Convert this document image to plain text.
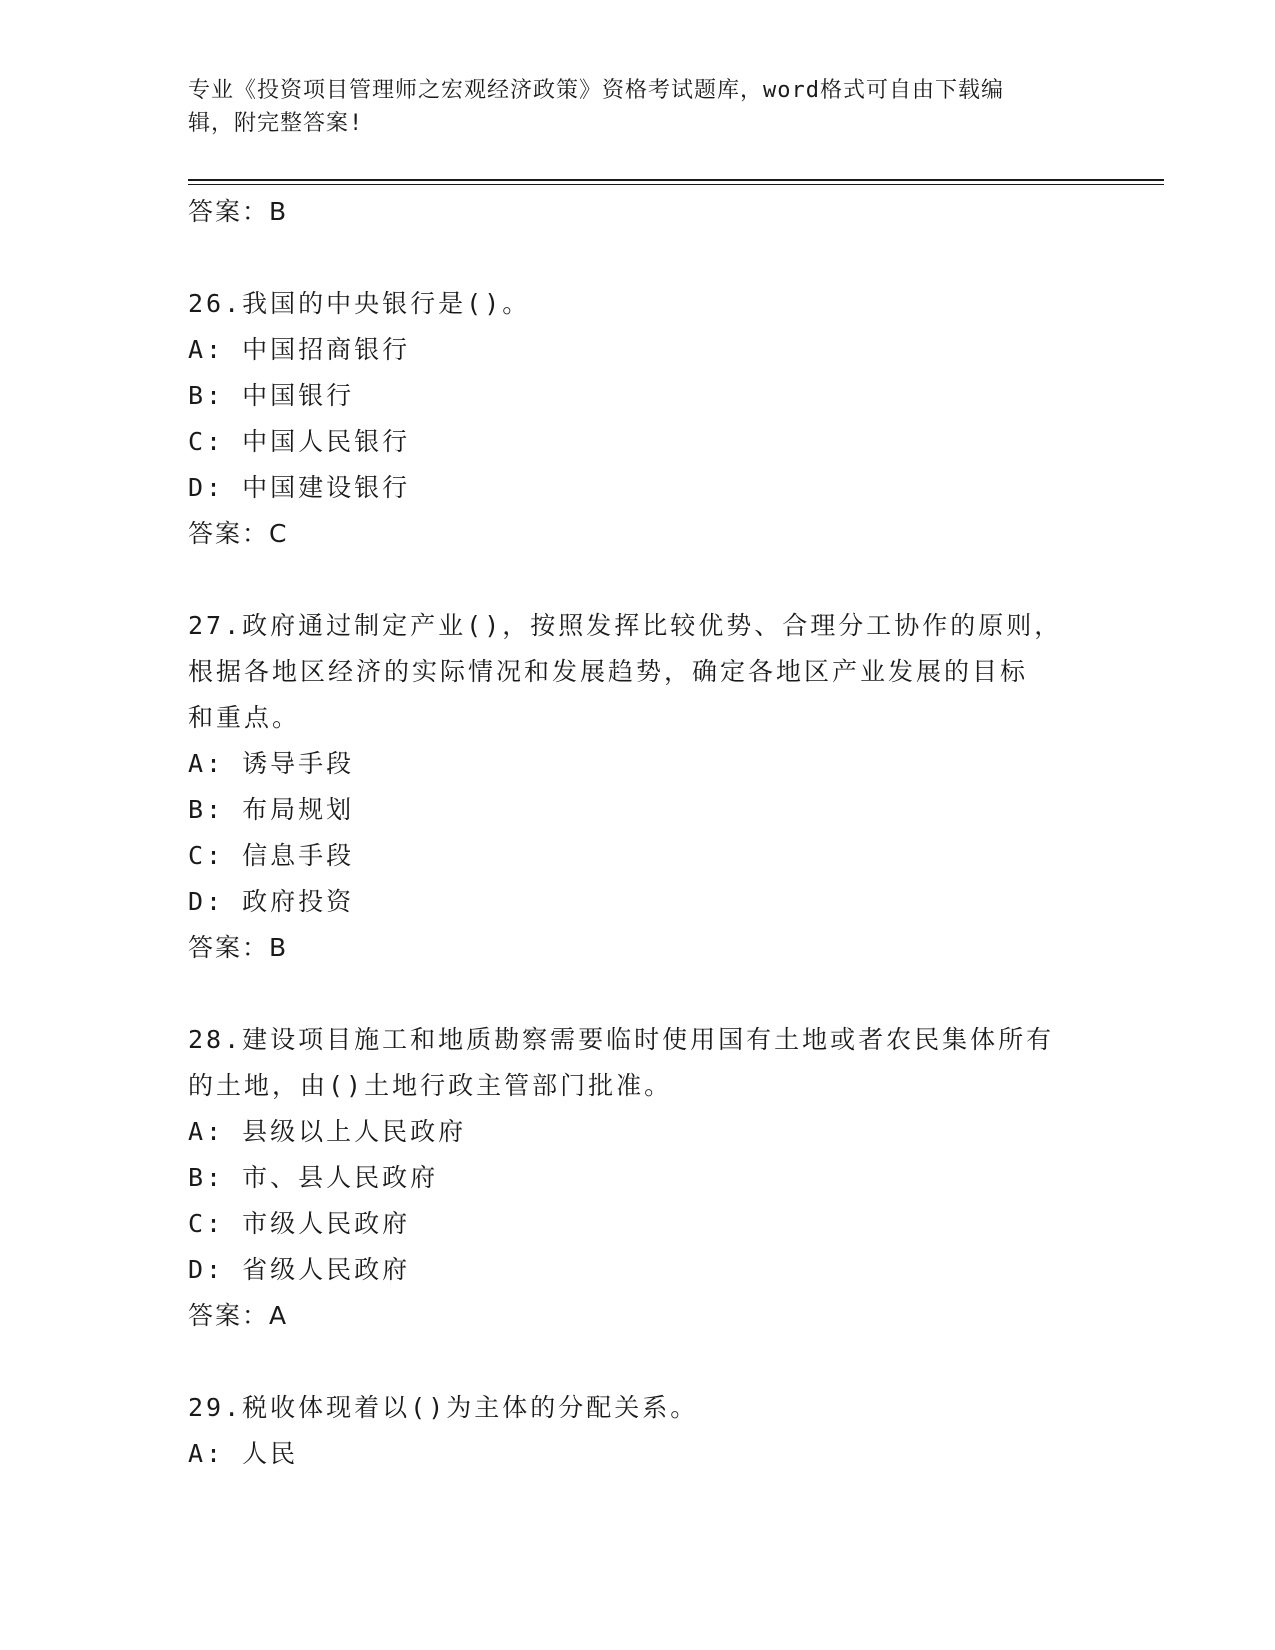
专业《投资项目管理师之宏观经济政策》资格考试题库，word格式可自由下载编
辑，附完整答案!
答案：B
26.我国的中央银行是()。
A: 中国招商银行
B: 中国银行
C: 中国人民银行
D: 中国建设银行
答案：C
27.政府通过制定产业()，按照发挥比较优势、合理分工协作的原则，
根据各地区经济的实际情况和发展趋势，确定各地区产业发展的目标
和重点。
A: 诱导手段
B: 布局规划
C: 信息手段
D: 政府投资
答案：B
28.建设项目施工和地质勘察需要临时使用国有土地或者农民集体所有
的土地，由()土地行政主管部门批准。
A: 县级以上人民政府
B: 市、县人民政府
C: 市级人民政府
D: 省级人民政府
答案：A
29.税收体现着以()为主体的分配关系。
A: 人民
